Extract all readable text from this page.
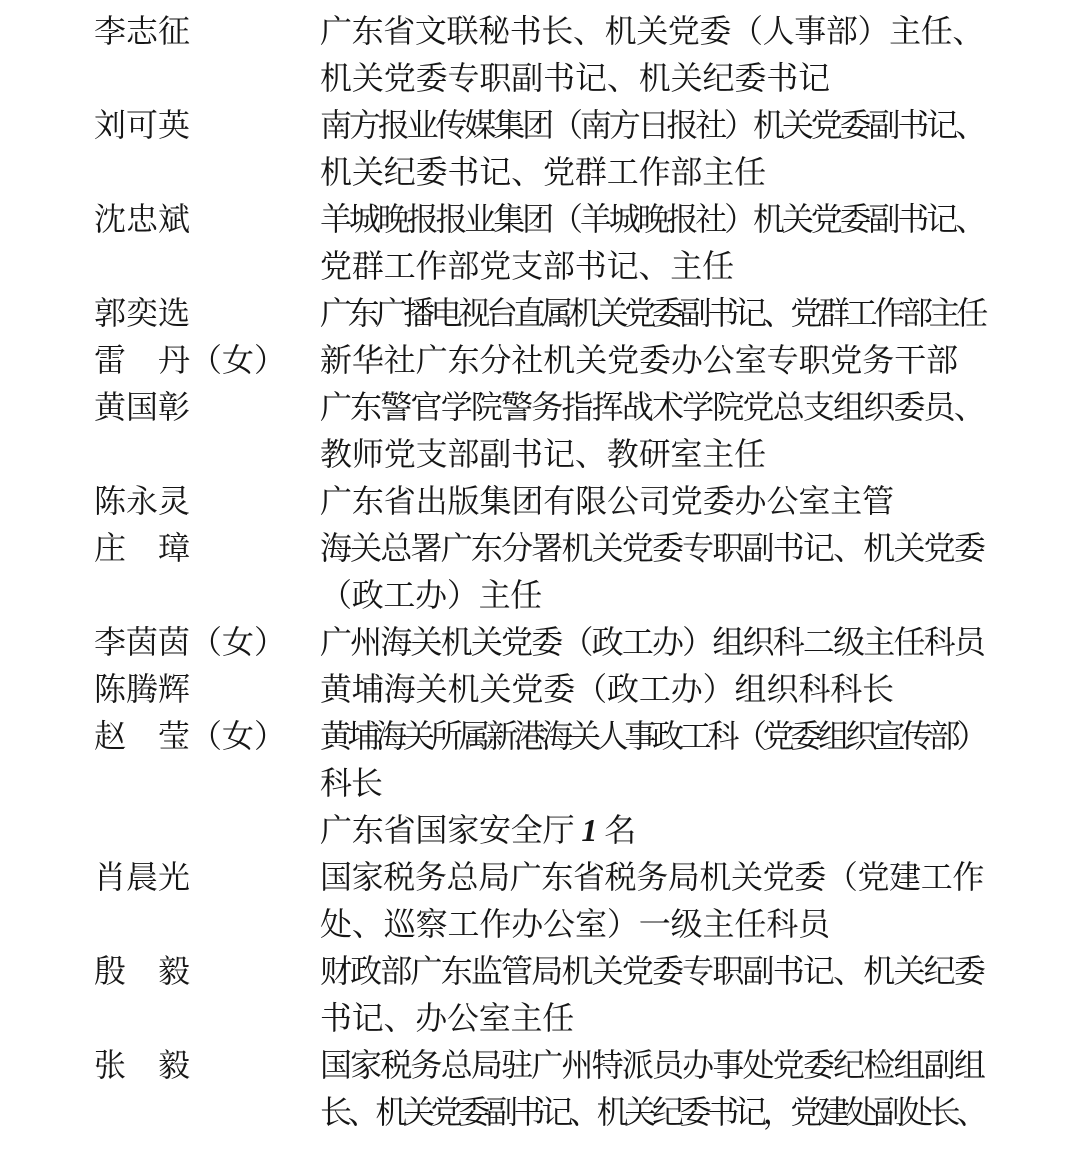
李志征	广东省文联秘书长、机关党委（人事部）主任、
机关党委专职副书记、机关纪委书记
刘可英	南方报业传媒集团（南方日报社）机关党委副书记、
机关纪委书记、党群工作部主任
沈忠斌	羊城晚报报业集团（羊城晚报社）机关党委副书记、
党群工作部党支部书记、主任
郭奕选	广东广播电视台直属机关党委副书记、党群工作部主任
雷　丹（女）	新华社广东分社机关党委办公室专职党务干部
黄国彰	广东警官学院警务指挥战术学院党总支组织委员、
教师党支部副书记、教研室主任
陈永灵	广东省出版集团有限公司党委办公室主管
庄　璋	海关总署广东分署机关党委专职副书记、机关党委
（政工办）主任
李茵茵（女）	广州海关机关党委（政工办）组织科二级主任科员
陈腾辉	黄埔海关机关党委（政工办）组织科科长
赵　莹（女）	黄埔海关所属新港海关人事政工科（党委组织宣传部）
科长
广东省国家安全厅 1 名
肖晨光	国家税务总局广东省税务局机关党委（党建工作
处、巡察工作办公室）一级主任科员
殷　毅	财政部广东监管局机关党委专职副书记、机关纪委
书记、办公室主任
张　毅	国家税务总局驻广州特派员办事处党委纪检组副组
长、机关党委副书记、机关纪委书记，党建处副处长、
